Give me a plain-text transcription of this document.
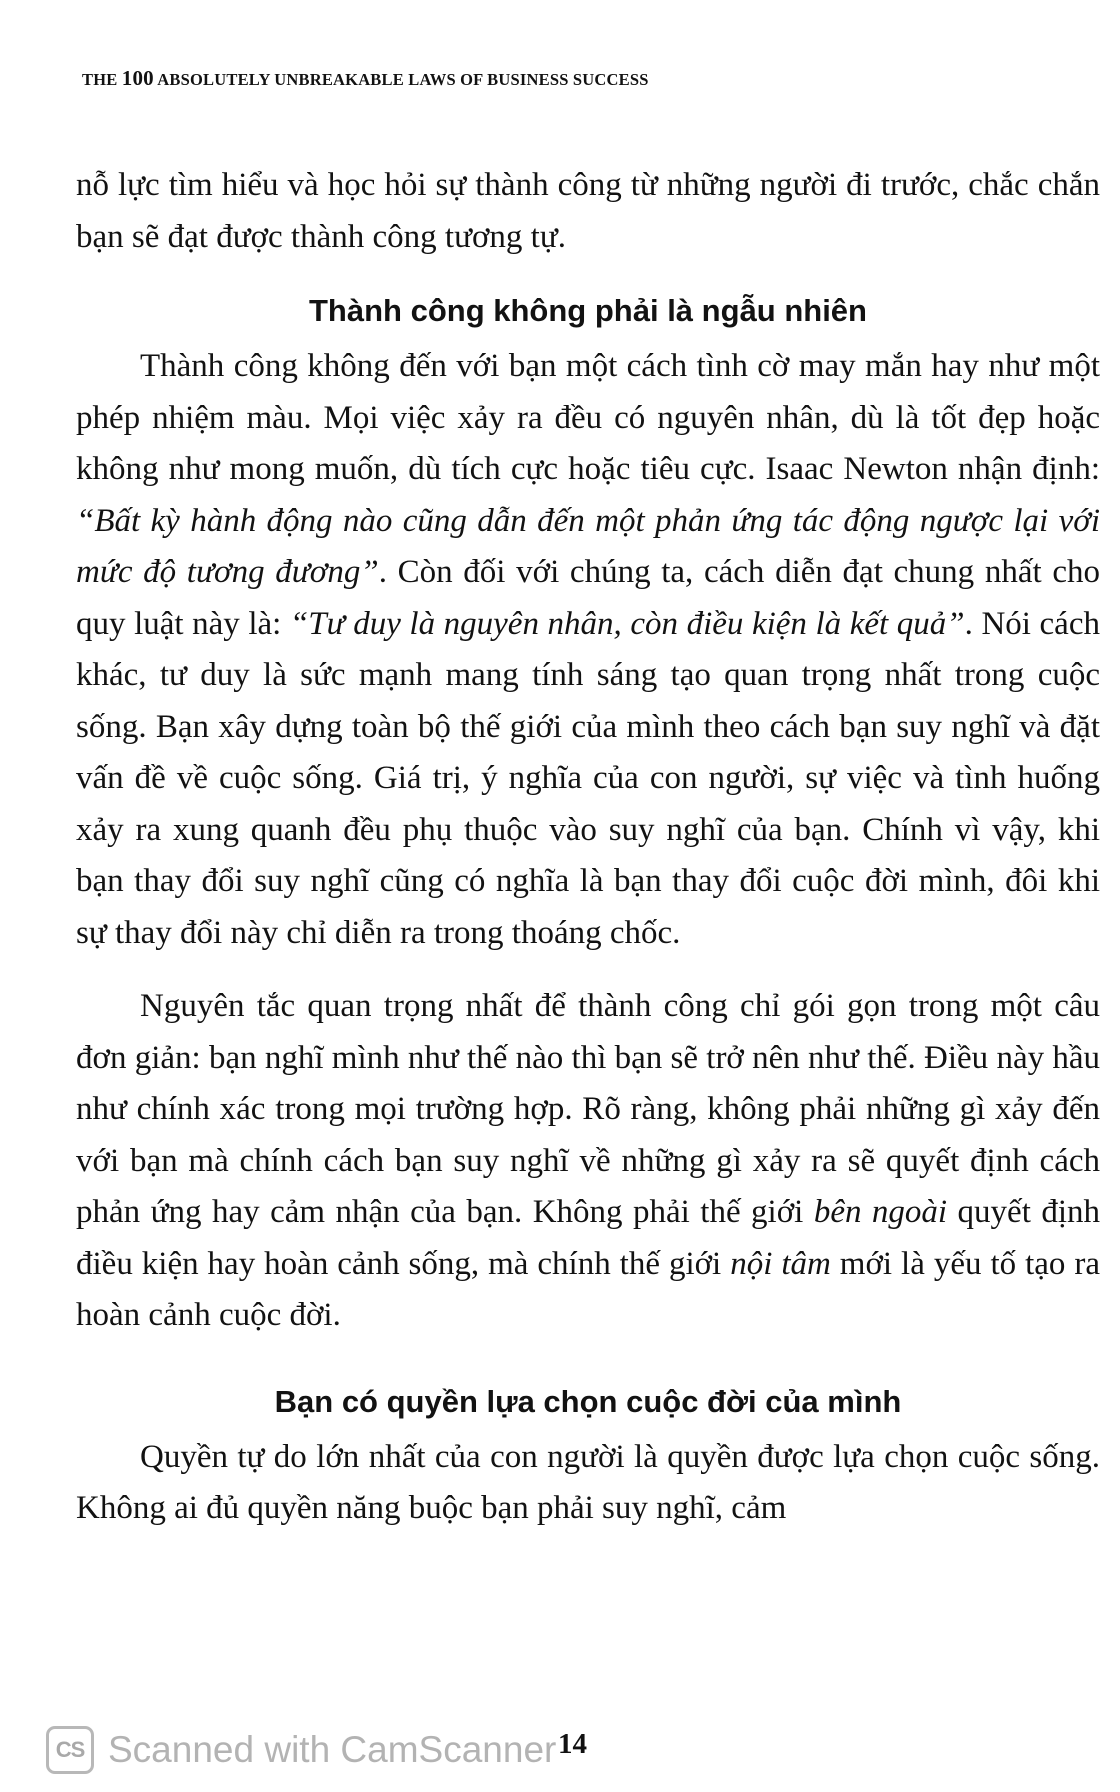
THE 100 ABSOLUTELY UNBREAKABLE LAWS OF BUSINESS SUCCESS

nỗ lực tìm hiểu và học hỏi sự thành công từ những người đi trước, chắc chắn bạn sẽ đạt được thành công tương tự.

Thành công không phải là ngẫu nhiên

Thành công không đến với bạn một cách tình cờ may mắn hay như một phép nhiệm màu. Mọi việc xảy ra đều có nguyên nhân, dù là tốt đẹp hoặc không như mong muốn, dù tích cực hoặc tiêu cực. Isaac Newton nhận định: “Bất kỳ hành động nào cũng dẫn đến một phản ứng tác động ngược lại với mức độ tương đương”. Còn đối với chúng ta, cách diễn đạt chung nhất cho quy luật này là: “Tư duy là nguyên nhân, còn điều kiện là kết quả”. Nói cách khác, tư duy là sức mạnh mang tính sáng tạo quan trọng nhất trong cuộc sống. Bạn xây dựng toàn bộ thế giới của mình theo cách bạn suy nghĩ và đặt vấn đề về cuộc sống. Giá trị, ý nghĩa của con người, sự việc và tình huống xảy ra xung quanh đều phụ thuộc vào suy nghĩ của bạn. Chính vì vậy, khi bạn thay đổi suy nghĩ cũng có nghĩa là bạn thay đổi cuộc đời mình, đôi khi sự thay đổi này chỉ diễn ra trong thoáng chốc.

Nguyên tắc quan trọng nhất để thành công chỉ gói gọn trong một câu đơn giản: bạn nghĩ mình như thế nào thì bạn sẽ trở nên như thế. Điều này hầu như chính xác trong mọi trường hợp. Rõ ràng, không phải những gì xảy đến với bạn mà chính cách bạn suy nghĩ về những gì xảy ra sẽ quyết định cách phản ứng hay cảm nhận của bạn. Không phải thế giới bên ngoài quyết định điều kiện hay hoàn cảnh sống, mà chính thế giới nội tâm mới là yếu tố tạo ra hoàn cảnh cuộc đời.

Bạn có quyền lựa chọn cuộc đời của mình

Quyền tự do lớn nhất của con người là quyền được lựa chọn cuộc sống. Không ai đủ quyền năng buộc bạn phải suy nghĩ, cảm

CS Scanned with CamScanner 14
